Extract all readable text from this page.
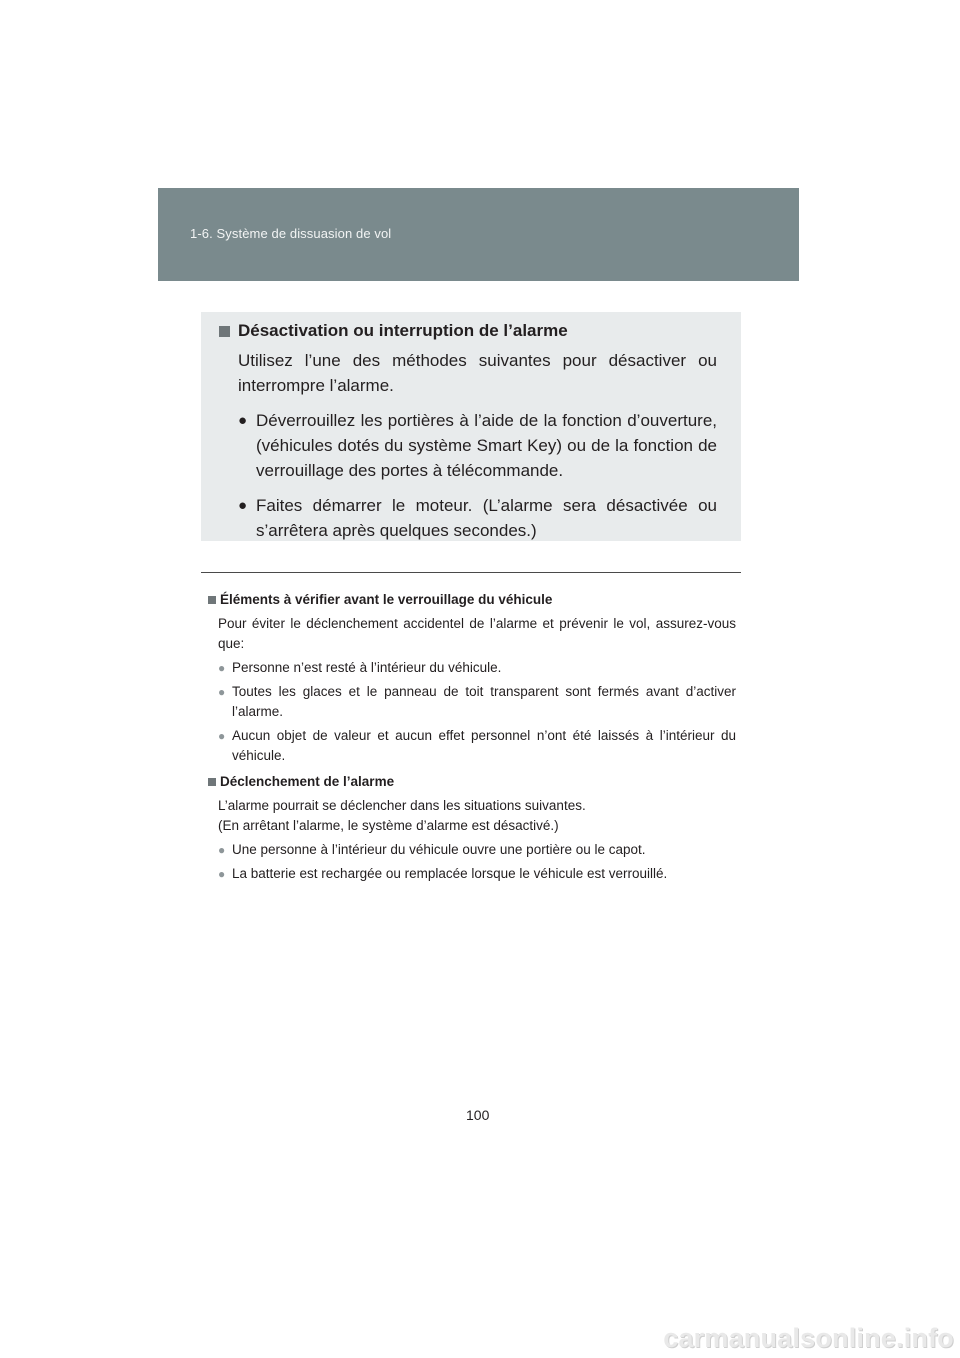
1-6. Système de dissuasion de vol
Désactivation ou interruption de l’alarme
Utilisez l’une des méthodes suivantes pour désactiver ou interrompre l’alarme.
● Déverrouillez les portières à l’aide de la fonction d’ouverture, (véhicules dotés du système Smart Key) ou de la fonction de verrouillage des portes à télécommande.
● Faites démarrer le moteur. (L’alarme sera désactivée ou s’arrêtera après quelques secondes.)
Éléments à vérifier avant le verrouillage du véhicule
Pour éviter le déclenchement accidentel de l’alarme et prévenir le vol, assurez-vous que:
● Personne n’est resté à l’intérieur du véhicule.
● Toutes les glaces et le panneau de toit transparent sont fermés avant d’activer l’alarme.
● Aucun objet de valeur et aucun effet personnel n’ont été laissés à l’intérieur du véhicule.
Déclenchement de l’alarme
L’alarme pourrait se déclencher dans les situations suivantes.
(En arrêtant l’alarme, le système d’alarme est désactivé.)
● Une personne à l’intérieur du véhicule ouvre une portière ou le capot.
● La batterie est rechargée ou remplacée lorsque le véhicule est verrouillé.
100
carmanualsonline.info
